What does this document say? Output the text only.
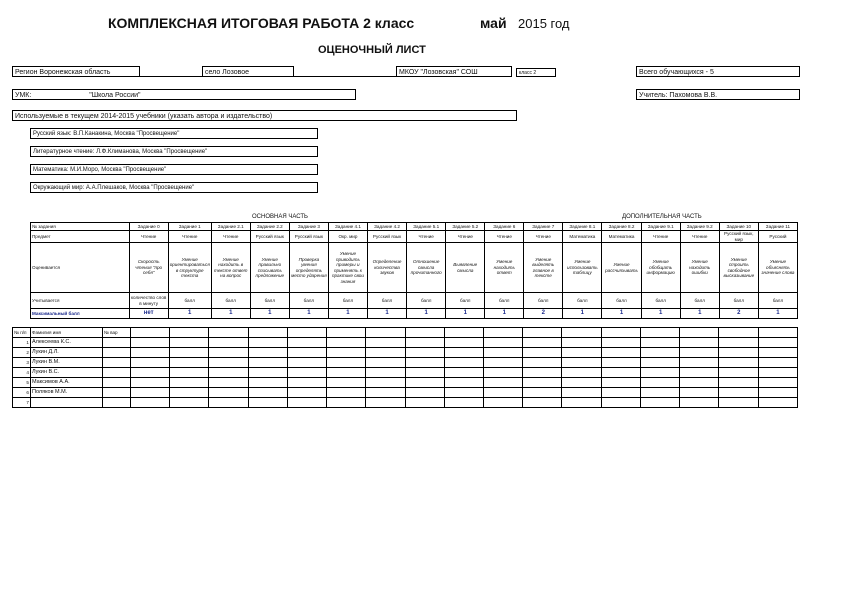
КОМПЛЕКСНАЯ ИТОГОВАЯ РАБОТА 2 класс	май 2015 год
ОЦЕНОЧНЫЙ ЛИСТ
Регион Воронежская область	село Лозовое	МКОУ "Лозовская" СОШ	класс 2	Всего обучающихся - 5
УМК:	"Школа России"	Учитель: Пахомова В.В.
Используемые в текущем 2014-2015 учебники (указать автора и издательство)
Русский язык: В.П.Канакина, Москва "Просвещение"
Литературное чтение: Л.Ф.Климанова, Москва "Просвещение"
Математика: М.И.Моро, Москва "Просвещение"
Окружающий мир: А.А.Плешаков, Москва "Просвещение"
ОСНОВНАЯ ЧАСТЬ	ДОПОЛНИТЕЛЬНАЯ ЧАСТЬ
№ задания	Задание 0	Задание 1	Задание 2.1	Задание 2.2	Задание 3	Задание 4.1	Задание 4.2	Задание 5.1	Задание 5.2	Задание 6	Задание 7	Задание 8.1	Задание 8.2	Задание 9.1	Задание 9.2	Задание 10	Задание 11
Предмет	Чтение	Чтение	Чтение	Русский язык	Русский язык	Окр. мир	Русский язык	Чтение	Чтение	Чтение	Чтение	Математика	Математика	Чтение	Чтение	Русский язык, мир	Русский
Оценивается	Скорость чтения "про себя"	Умение ориентироваться в структуре текста	Умение находить в тексте ответ на вопрос	Умение правильно списывать предложение	Проверка умения определять место ударения	Умение приводить примеры и применять к практике свои знания	Определение количества звуков	Отношение смысла прочитанного	Выявление смысла	Умение находить ответ	Умение выделять главное в тексте	Умение использовать таблицу	Умение рассчитывать	Умение обобщать информацию	Умение находить ошибки	Умение строить свободное высказывание	Умение объяснять значение слова
Учитывается	количество слов в минуту	балл	балл	балл	балл	балл	балл	балл	балл	балл	балл	балл	балл	балл	балл	балл	балл
Максимальный балл	нет	1	1	1	1	1	1	1	1	1	2	1	1	1	1	2	1
№ п/п	Фамилия имя	№ вар																	
1	Алексеева К.С.																		
2	Лукин Д.Л.																		
3	Лукин В.М.																		
4	Лукин В.С.																		
5	Максимов А.А.																		
6	Поляков М.М.																		
7																			
